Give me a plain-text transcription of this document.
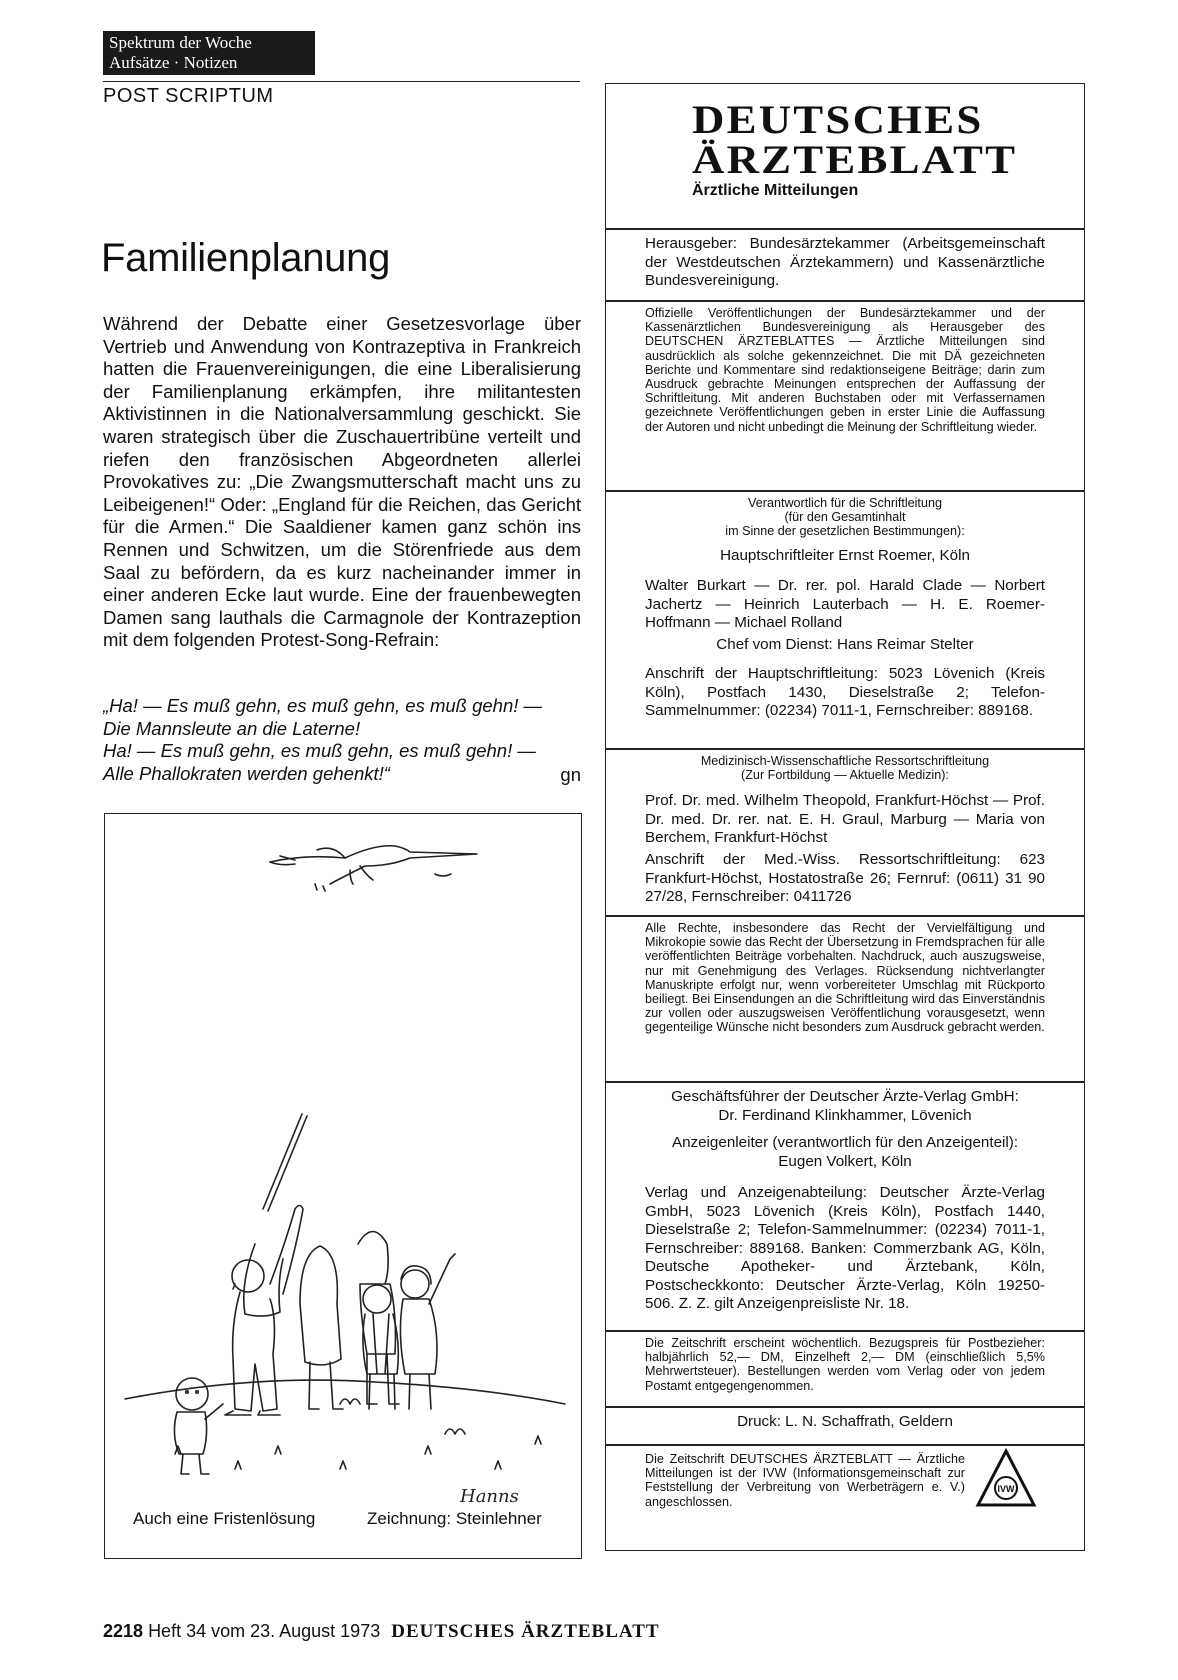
Spektrum der Woche
Aufsätze · Notizen
POST SCRIPTUM
Familienplanung

Während der Debatte einer Gesetzesvorlage über Vertrieb und Anwendung von Kontrazeptiva in Frankreich hatten die Frauenvereinigungen, die eine Liberalisierung der Familienplanung erkämpfen, ihre militantesten Aktivistinnen in die Nationalversammlung geschickt. Sie waren strategisch über die Zuschauertribüne verteilt und riefen den französischen Abgeordneten allerlei Provokatives zu: „Die Zwangsmutterschaft macht uns zu Leibeigenen!“ Oder: „England für die Reichen, das Gericht für die Armen.“ Die Saaldiener kamen ganz schön ins Rennen und Schwitzen, um die Störenfriede aus dem Saal zu befördern, da es kurz nacheinander immer in einer anderen Ecke laut wurde. Eine der frauenbewegten Damen sang lauthals die Carmagnole der Kontrazeption mit dem folgenden Protest-Song-Refrain:

„Ha! — Es muß gehn, es muß gehn, es muß gehn! —
Die Mannsleute an die Laterne!
Ha! — Es muß gehn, es muß gehn, es muß gehn! —
Alle Phallokraten werden gehenkt!“	gn
Hanns
Auch eine Fristenlösung	Zeichnung: Steinlehner
DEUTSCHES
ÄRZTEBLATT
Ärztliche Mitteilungen
Herausgeber: Bundesärztekammer (Arbeitsgemeinschaft der Westdeutschen Ärztekammern) und Kassenärztliche Bundesvereinigung.
Offizielle Veröffentlichungen der Bundesärztekammer und der Kassenärztlichen Bundesvereinigung als Herausgeber des DEUTSCHEN ÄRZTEBLATTES — Ärztliche Mitteilungen sind ausdrücklich als solche gekennzeichnet. Die mit DÄ gezeichneten Berichte und Kommentare sind redaktionseigene Beiträge; darin zum Ausdruck gebrachte Meinungen entsprechen der Auffassung der Schriftleitung. Mit anderen Buchstaben oder mit Verfassernamen gezeichnete Veröffentlichungen geben in erster Linie die Auffassung der Autoren und nicht unbedingt die Meinung der Schriftleitung wieder.
Verantwortlich für die Schriftleitung
(für den Gesamtinhalt
im Sinne der gesetzlichen Bestimmungen):
Hauptschriftleiter Ernst Roemer, Köln
Walter Burkart — Dr. rer. pol. Harald Clade — Norbert Jachertz — Heinrich Lauterbach — H. E. Roemer-Hoffmann — Michael Rolland
Chef vom Dienst: Hans Reimar Stelter
Anschrift der Hauptschriftleitung: 5023 Lövenich (Kreis Köln), Postfach 1430, Dieselstraße 2; Telefon-Sammelnummer: (02234) 7011-1, Fernschreiber: 889168.
Medizinisch-Wissenschaftliche Ressortschriftleitung
(Zur Fortbildung — Aktuelle Medizin):
Prof. Dr. med. Wilhelm Theopold, Frankfurt-Höchst — Prof. Dr. med. Dr. rer. nat. E. H. Graul, Marburg — Maria von Berchem, Frankfurt-Höchst
Anschrift der Med.-Wiss. Ressortschriftleitung: 623 Frankfurt-Höchst, Hostatostraße 26; Fernruf: (0611) 31 90 27/28, Fernschreiber: 0411726
Alle Rechte, insbesondere das Recht der Vervielfältigung und Mikrokopie sowie das Recht der Übersetzung in Fremdsprachen für alle veröffentlichten Beiträge vorbehalten. Nachdruck, auch auszugsweise, nur mit Genehmigung des Verlages. Rücksendung nichtverlangter Manuskripte erfolgt nur, wenn vorbereiteter Umschlag mit Rückporto beiliegt. Bei Einsendungen an die Schriftleitung wird das Einverständnis zur vollen oder auszugsweisen Veröffentlichung vorausgesetzt, wenn gegenteilige Wünsche nicht besonders zum Ausdruck gebracht werden.
Geschäftsführer der Deutscher Ärzte-Verlag GmbH:
Dr. Ferdinand Klinkhammer, Lövenich
Anzeigenleiter (verantwortlich für den Anzeigenteil):
Eugen Volkert, Köln
Verlag und Anzeigenabteilung: Deutscher Ärzte-Verlag GmbH, 5023 Lövenich (Kreis Köln), Postfach 1440, Dieselstraße 2; Telefon-Sammelnummer: (02234) 7011-1, Fernschreiber: 889168. Banken: Commerzbank AG, Köln, Deutsche Apotheker- und Ärztebank, Köln, Postscheckkonto: Deutscher Ärzte-Verlag, Köln 19250-506. Z. Z. gilt Anzeigenpreisliste Nr. 18.
Die Zeitschrift erscheint wöchentlich. Bezugspreis für Postbezieher: halbjährlich 52,— DM, Einzelheft 2,— DM (einschließlich 5,5% Mehrwertsteuer). Bestellungen werden vom Verlag oder von jedem Postamt entgegengenommen.
Druck: L. N. Schaffrath, Geldern
Die Zeitschrift DEUTSCHES ÄRZTEBLATT — Ärztliche Mitteilungen ist der IVW (Informationsgemeinschaft zur Feststellung der Verbreitung von Werbeträgern e. V.) angeschlossen.
IVW
2218 Heft 34 vom 23. August 1973 DEUTSCHES ÄRZTEBLATT
